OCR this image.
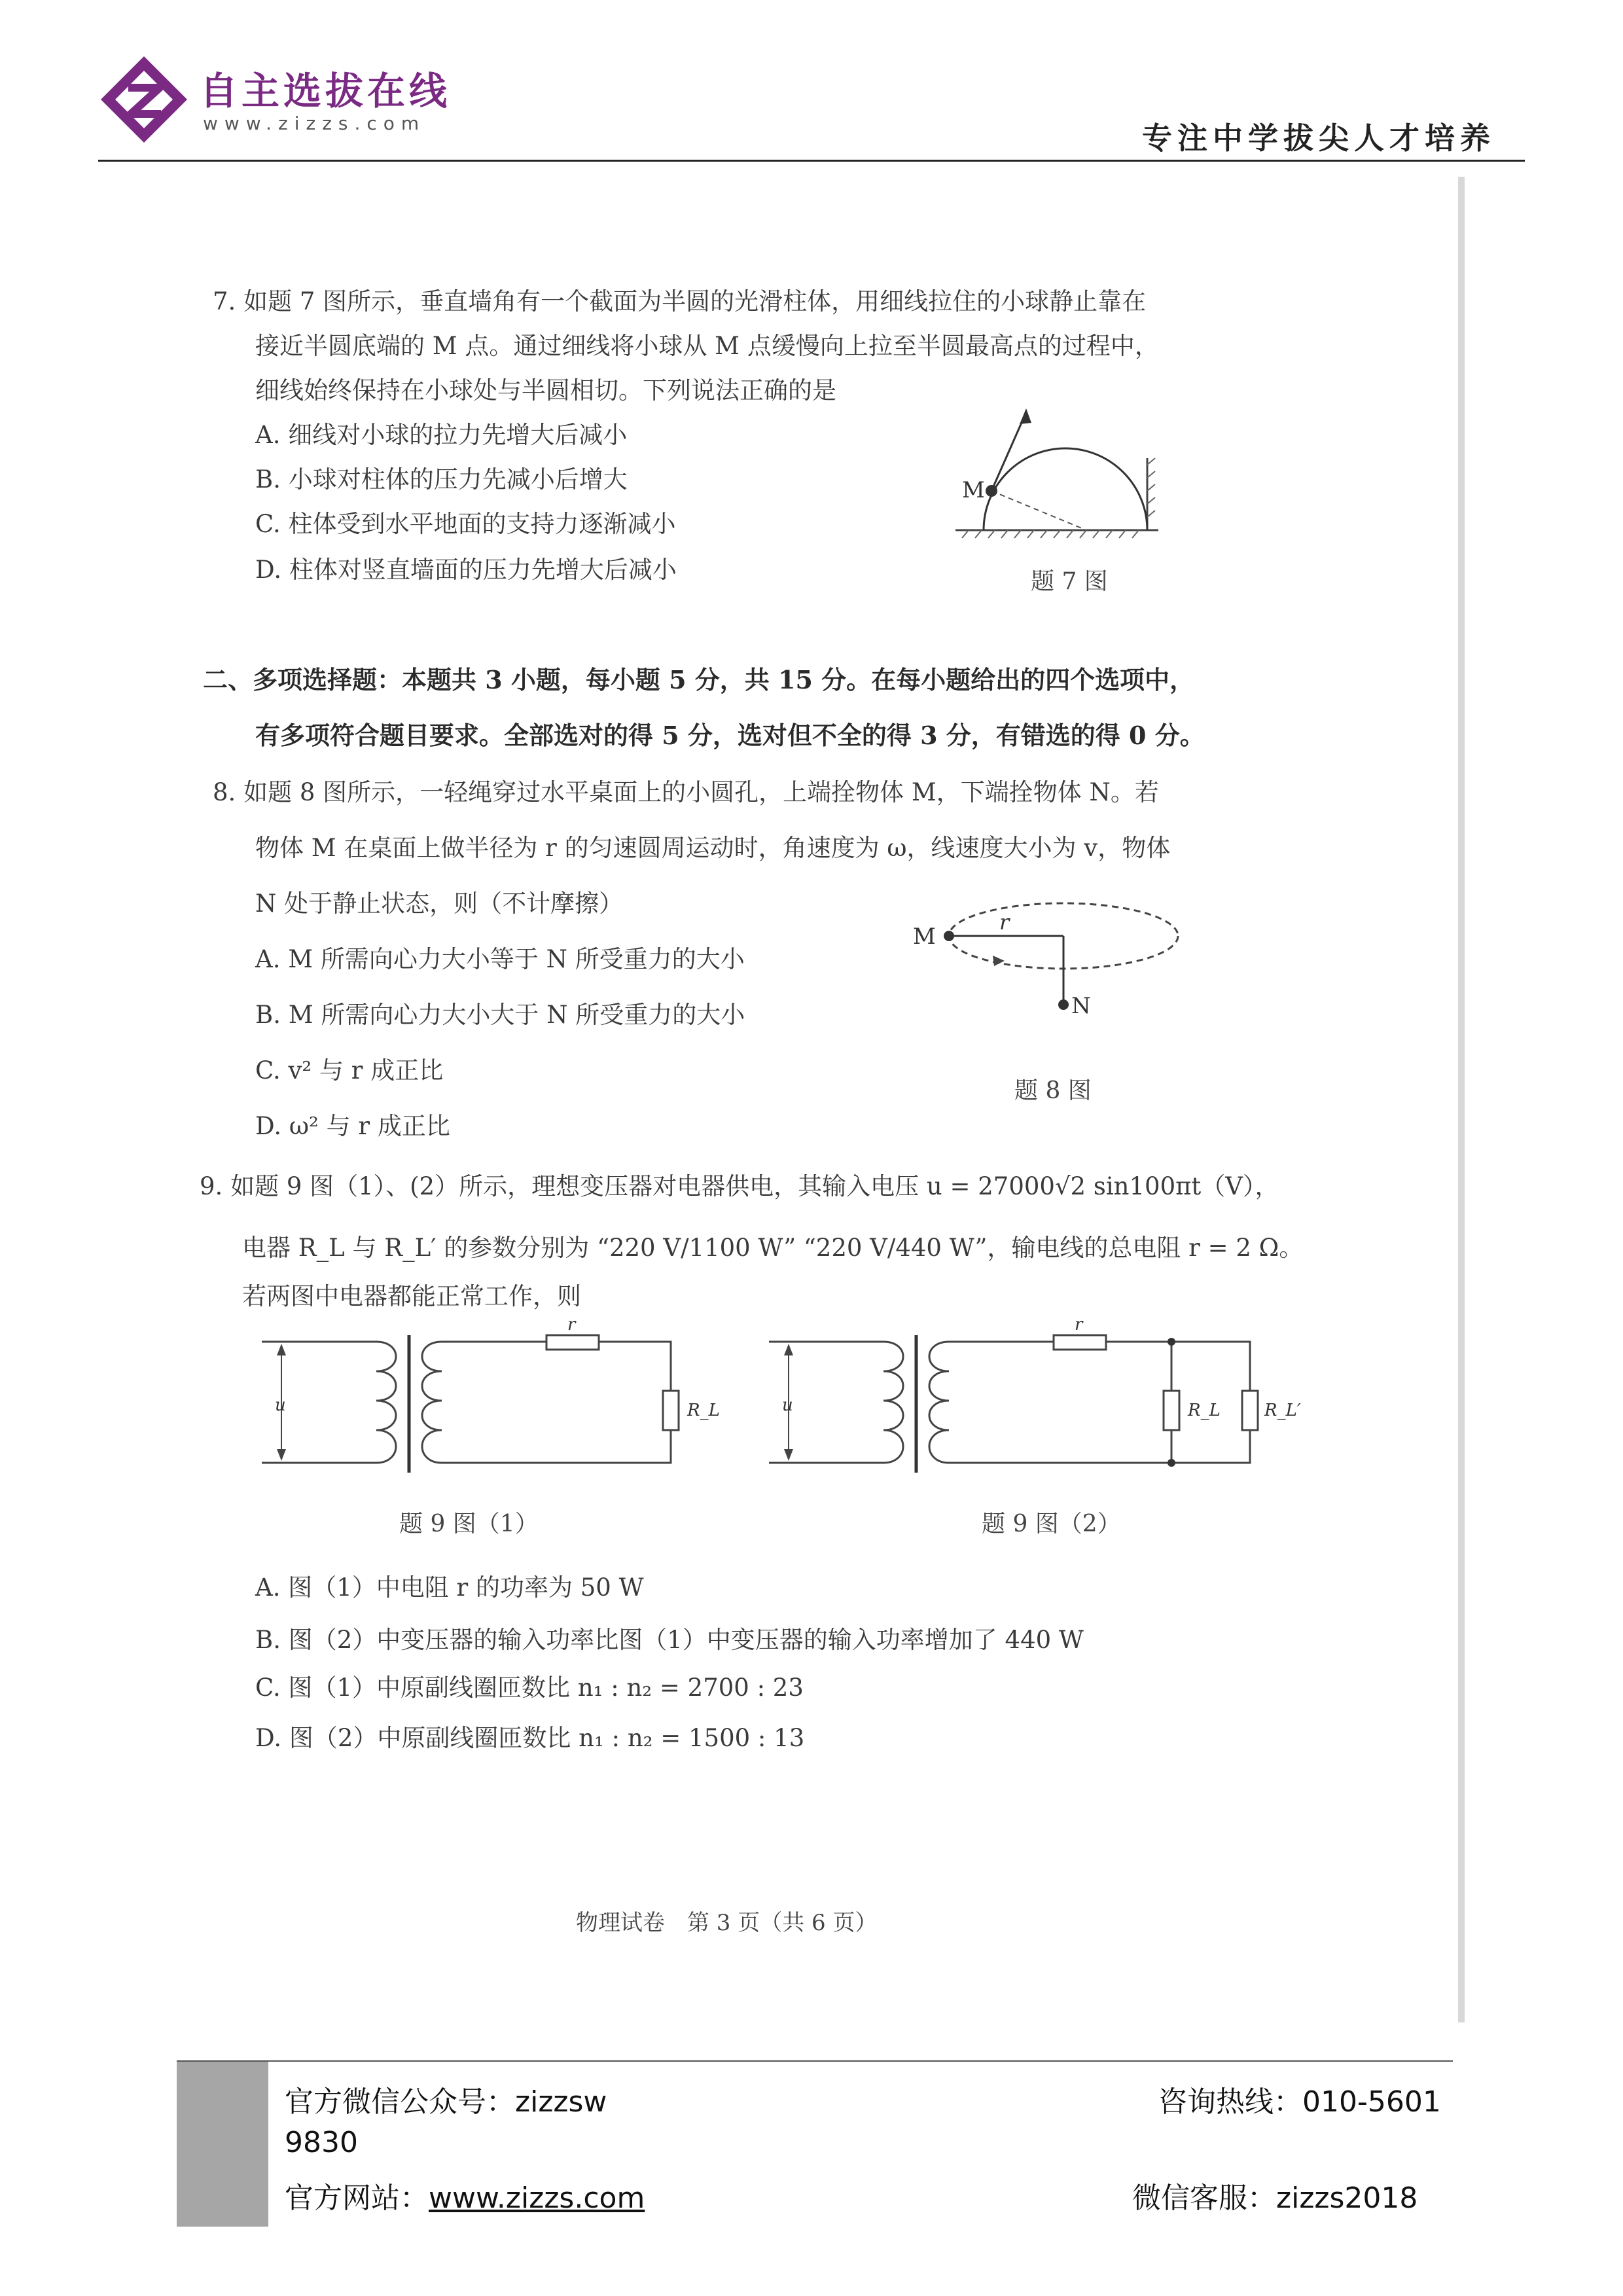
自主选拔在线
www.zizzs.com	专注中学拔尖人才培养
7. 如题 7 图所示，垂直墙角有一个截面为半圆的光滑柱体，用细线拉住的小球静止靠在
接近半圆底端的 M 点。通过细线将小球从 M 点缓慢向上拉至半圆最高点的过程中，
细线始终保持在小球处与半圆相切。下列说法正确的是
A. 细线对小球的拉力先增大后减小
B. 小球对柱体的压力先减小后增大
C. 柱体受到水平地面的支持力逐渐减小
D. 柱体对竖直墙面的压力先增大后减小
M
题 7 图
二、多项选择题：本题共 3 小题，每小题 5 分，共 15 分。在每小题给出的四个选项中，
有多项符合题目要求。全部选对的得 5 分，选对但不全的得 3 分，有错选的得 0 分。
8. 如题 8 图所示，一轻绳穿过水平桌面上的小圆孔，上端拴物体 M，下端拴物体 N。若
物体 M 在桌面上做半径为 r 的匀速圆周运动时，角速度为 ω，线速度大小为 v，物体
N 处于静止状态，则（不计摩擦）
A. M 所需向心力大小等于 N 所受重力的大小
B. M 所需向心力大小大于 N 所受重力的大小
C. v² 与 r 成正比
D. ω² 与 r 成正比
M
r
N
题 8 图
9. 如题 9 图（1）、(2）所示，理想变压器对电器供电，其输入电压 u = 27000√2 sin100πt（V），
电器 R_L 与 R_L′ 的参数分别为 “220 V/1100 W” “220 V/440 W”，输电线的总电阻 r = 2 Ω。
若两图中电器都能正常工作，则
u
r
R_L
题 9 图（1）
u
r
R_L	R_L′
题 9 图（2）
A. 图（1）中电阻 r 的功率为 50 W
B. 图（2）中变压器的输入功率比图（1）中变压器的输入功率增加了 440 W
C. 图（1）中原副线圈匝数比 n₁ : n₂ = 2700 : 23
D. 图（2）中原副线圈匝数比 n₁ : n₂ = 1500 : 13
物理试卷　第 3 页（共 6 页）
官方微信公众号：zizzsw
9830
官方网站：www.zizzs.com
咨询热线：010-5601
微信客服：zizzs2018
